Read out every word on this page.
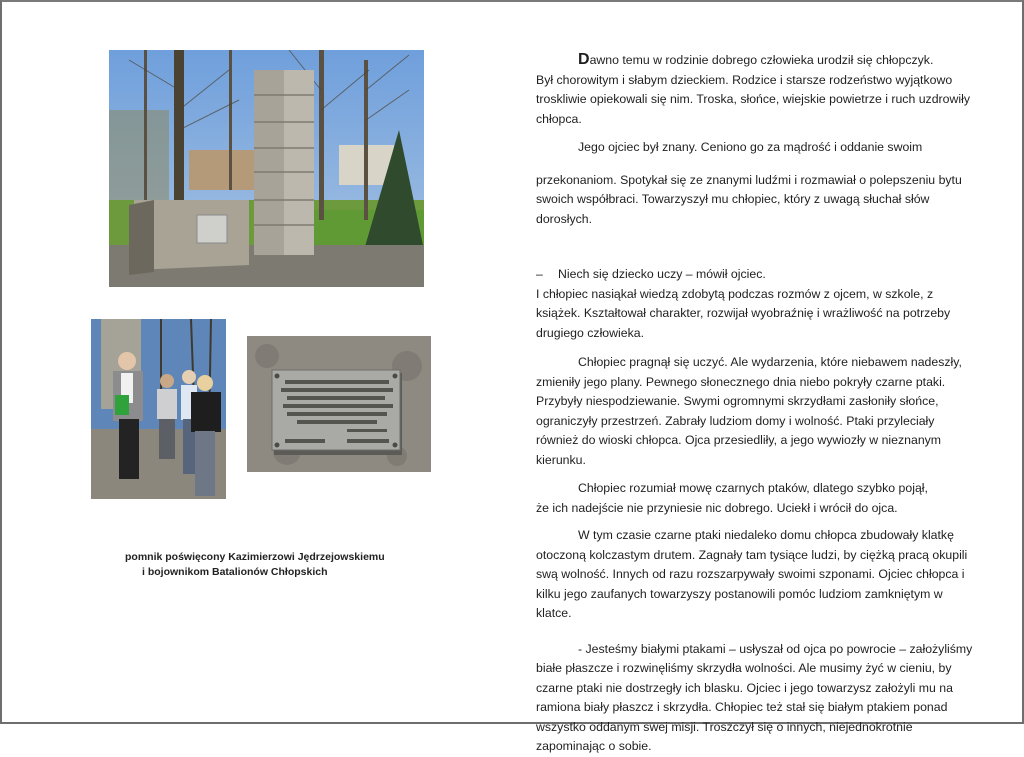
pomnik poświęcony Kazimierzowi Jędrzejowskiemu
i bojownikom Batalionów Chłopskich

Dawno temu w rodzinie dobrego człowieka urodził się chłopczyk.
Był chorowitym i słabym dzieckiem. Rodzice i starsze rodzeństwo wyjątkowo troskliwie opiekowali się nim. Troska, słońce, wiejskie powietrze i ruch uzdrowiły chłopca.

Jego ojciec był znany. Ceniono go za mądrość i oddanie swoim

przekonaniom. Spotykał się ze znanymi ludźmi i rozmawiał o polepszeniu bytu swoich współbraci. Towarzyszył mu chłopiec, który z uwagą słuchał słów dorosłych.

– Niech się dziecko uczy – mówił ojciec.
I chłopiec nasiąkał wiedzą zdobytą podczas rozmów z ojcem, w szkole, z książek. Kształtował charakter, rozwijał wyobraźnię i wrażliwość na potrzeby drugiego człowieka.

Chłopiec pragnął się uczyć. Ale wydarzenia, które niebawem nadeszły, zmieniły jego plany. Pewnego słonecznego dnia niebo pokryły czarne ptaki. Przybyły niespodziewanie. Swymi ogromnymi skrzydłami zasłoniły słońce, ograniczyły przestrzeń. Zabrały ludziom domy i wolność. Ptaki przyleciały również do wioski chłopca. Ojca przesiedliły, a jego wywiozły w nieznanym kierunku.

Chłopiec rozumiał mowę czarnych ptaków, dlatego szybko pojął,
że ich nadejście nie przyniesie nic dobrego. Uciekł i wrócił do ojca.

W tym czasie czarne ptaki niedaleko domu chłopca zbudowały klatkę otoczoną kolczastym drutem. Zagnały tam tysiące ludzi, by ciężką pracą okupili swą wolność. Innych od razu rozszarpywały swoimi szponami. Ojciec chłopca i kilku jego zaufanych towarzyszy postanowili pomóc ludziom zamkniętym w klatce.

- Jesteśmy białymi ptakami – usłyszał od ojca po powrocie – założyliśmy białe płaszcze i rozwinęliśmy skrzydła wolności. Ale musimy żyć w cieniu, by czarne ptaki nie dostrzegły ich blasku. Ojciec i jego towarzysz założyli mu na ramiona biały płaszcz i skrzydła. Chłopiec też stał się białym ptakiem ponad wszystko oddanym swej misji. Troszczył się o innych, niejednokrotnie zapominając o sobie.
